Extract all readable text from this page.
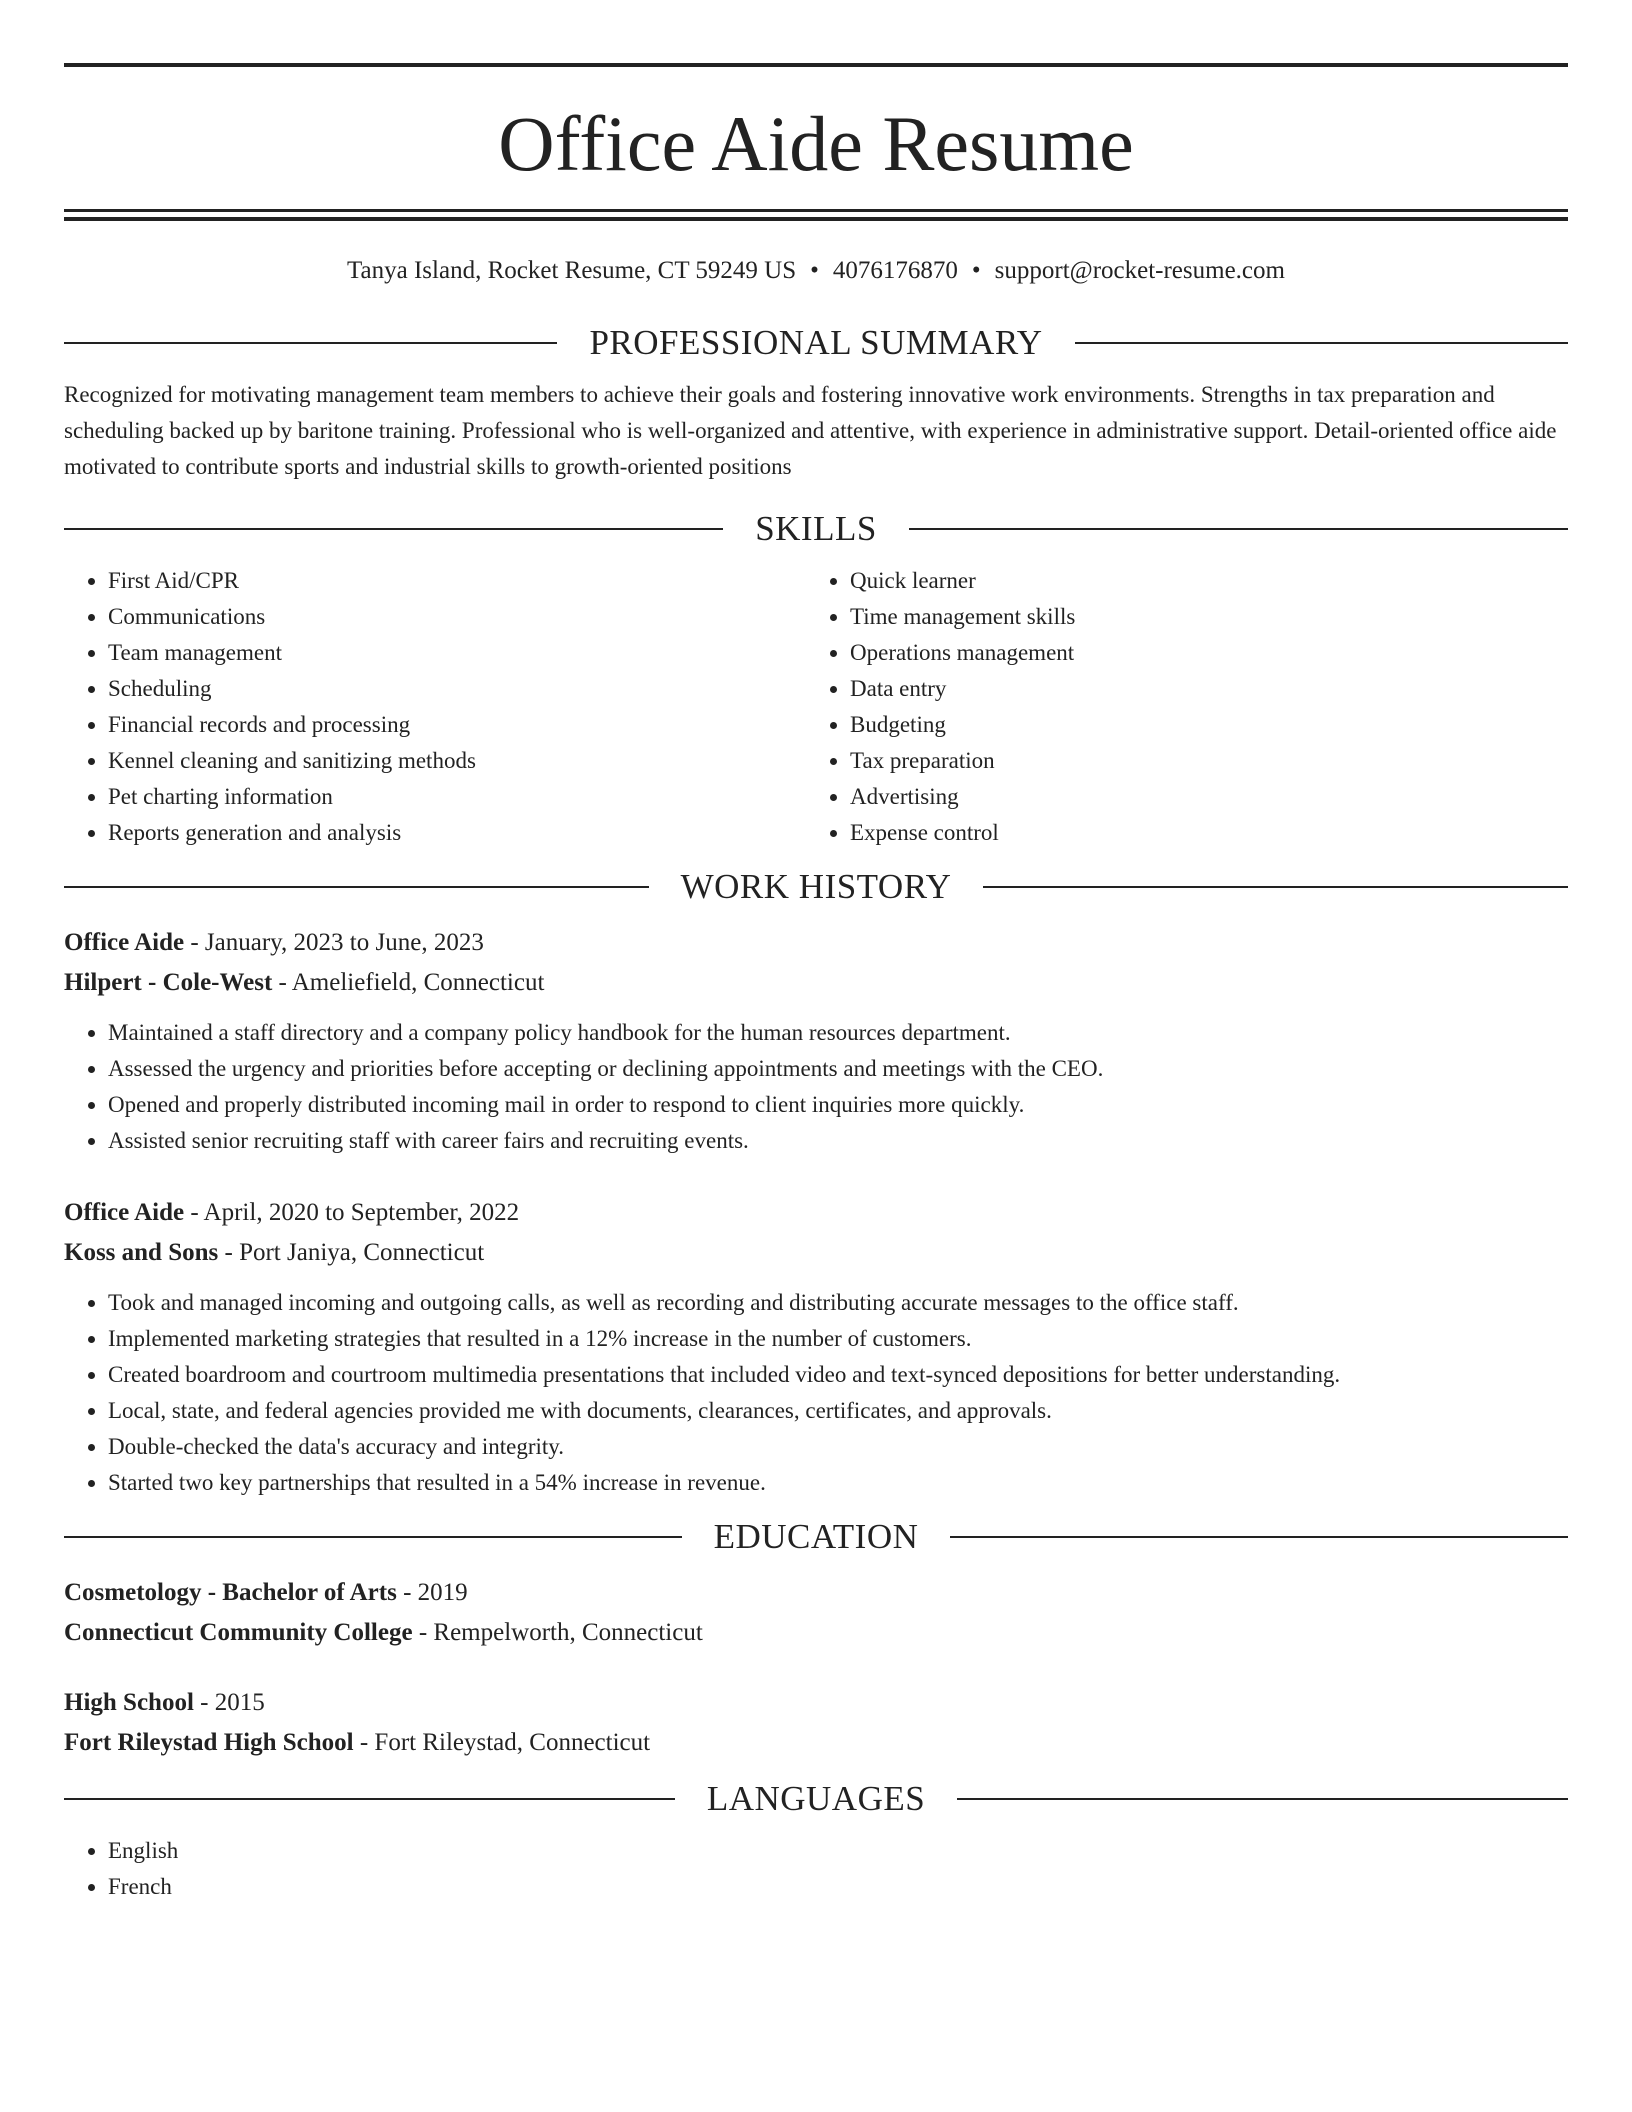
Office Aide Resume
Tanya Island, Rocket Resume, CT 59249 US • 4076176870 • support@rocket-resume.com
PROFESSIONAL SUMMARY
Recognized for motivating management team members to achieve their goals and fostering innovative work environments. Strengths in tax preparation and scheduling backed up by baritone training. Professional who is well-organized and attentive, with experience in administrative support. Detail-oriented office aide motivated to contribute sports and industrial skills to growth-oriented positions
SKILLS
• First Aid/CPR
• Communications
• Team management
• Scheduling
• Financial records and processing
• Kennel cleaning and sanitizing methods
• Pet charting information
• Reports generation and analysis
• Quick learner
• Time management skills
• Operations management
• Data entry
• Budgeting
• Tax preparation
• Advertising
• Expense control
WORK HISTORY
Office Aide - January, 2023 to June, 2023
Hilpert - Cole-West - Ameliefield, Connecticut
• Maintained a staff directory and a company policy handbook for the human resources department.
• Assessed the urgency and priorities before accepting or declining appointments and meetings with the CEO.
• Opened and properly distributed incoming mail in order to respond to client inquiries more quickly.
• Assisted senior recruiting staff with career fairs and recruiting events.
Office Aide - April, 2020 to September, 2022
Koss and Sons - Port Janiya, Connecticut
• Took and managed incoming and outgoing calls, as well as recording and distributing accurate messages to the office staff.
• Implemented marketing strategies that resulted in a 12% increase in the number of customers.
• Created boardroom and courtroom multimedia presentations that included video and text-synced depositions for better understanding.
• Local, state, and federal agencies provided me with documents, clearances, certificates, and approvals.
• Double-checked the data's accuracy and integrity.
• Started two key partnerships that resulted in a 54% increase in revenue.
EDUCATION
Cosmetology - Bachelor of Arts - 2019
Connecticut Community College - Rempelworth, Connecticut
High School - 2015
Fort Rileystad High School - Fort Rileystad, Connecticut
LANGUAGES
• English
• French
